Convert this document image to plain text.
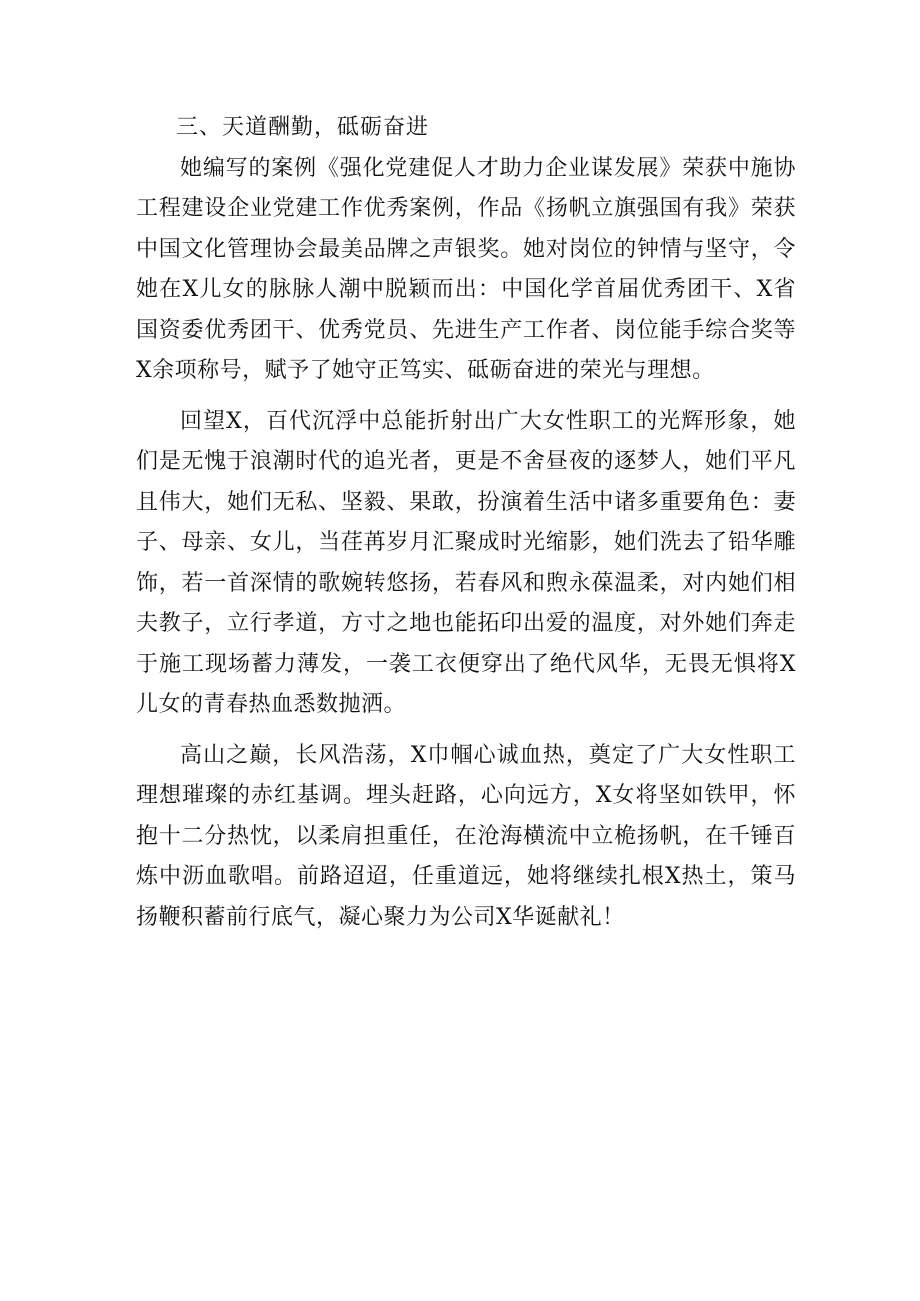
三、天道酬勤，砥砺奋进

她编写的案例《强化党建促人才助力企业谋发展》荣获中施协工程建设企业党建工作优秀案例，作品《扬帆立旗强国有我》荣获中国文化管理协会最美品牌之声银奖。她对岗位的钟情与坚守，令她在X儿女的脉脉人潮中脱颖而出：中国化学首届优秀团干、X省国资委优秀团干、优秀党员、先进生产工作者、岗位能手综合奖等X余项称号，赋予了她守正笃实、砥砺奋进的荣光与理想。

回望X，百代沉浮中总能折射出广大女性职工的光辉形象，她们是无愧于浪潮时代的追光者，更是不舍昼夜的逐梦人，她们平凡且伟大，她们无私、坚毅、果敢，扮演着生活中诸多重要角色：妻子、母亲、女儿，当荏苒岁月汇聚成时光缩影，她们洗去了铅华雕饰，若一首深情的歌婉转悠扬，若春风和煦永葆温柔，对内她们相夫教子，立行孝道，方寸之地也能拓印出爱的温度，对外她们奔走于施工现场蓄力薄发，一袭工衣便穿出了绝代风华，无畏无惧将X儿女的青春热血悉数抛洒。

高山之巅，长风浩荡，X巾帼心诚血热，奠定了广大女性职工理想璀璨的赤红基调。埋头赶路，心向远方，X女将坚如铁甲，怀抱十二分热忱，以柔肩担重任，在沧海横流中立桅扬帆，在千锤百炼中沥血歌唱。前路迢迢，任重道远，她将继续扎根X热土，策马扬鞭积蓄前行底气，凝心聚力为公司X华诞献礼！
